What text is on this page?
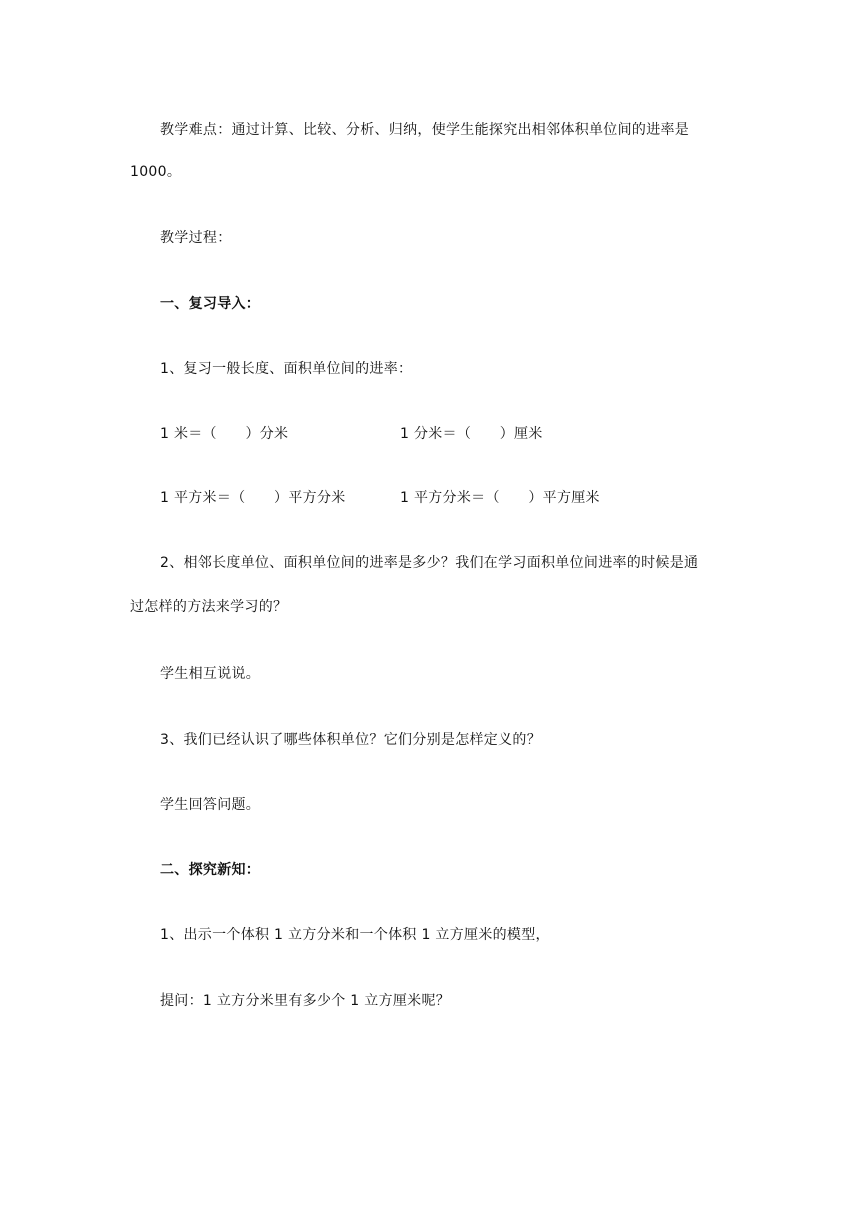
教学难点：通过计算、比较、分析、归纳，使学生能探究出相邻体积单位间的进率是
1000。
教学过程：
一、复习导入：
1、复习一般长度、面积单位间的进率：
1 米＝（　　）分米	1 分米＝（　　）厘米
1 平方米＝（　　）平方分米	1 平方分米＝（　　）平方厘米
2、相邻长度单位、面积单位间的进率是多少？我们在学习面积单位间进率的时候是通
过怎样的方法来学习的？
学生相互说说。
3、我们已经认识了哪些体积单位？它们分别是怎样定义的？
学生回答问题。
二、探究新知：
1、出示一个体积 1 立方分米和一个体积 1 立方厘米的模型，
提问：1 立方分米里有多少个 1 立方厘米呢？
